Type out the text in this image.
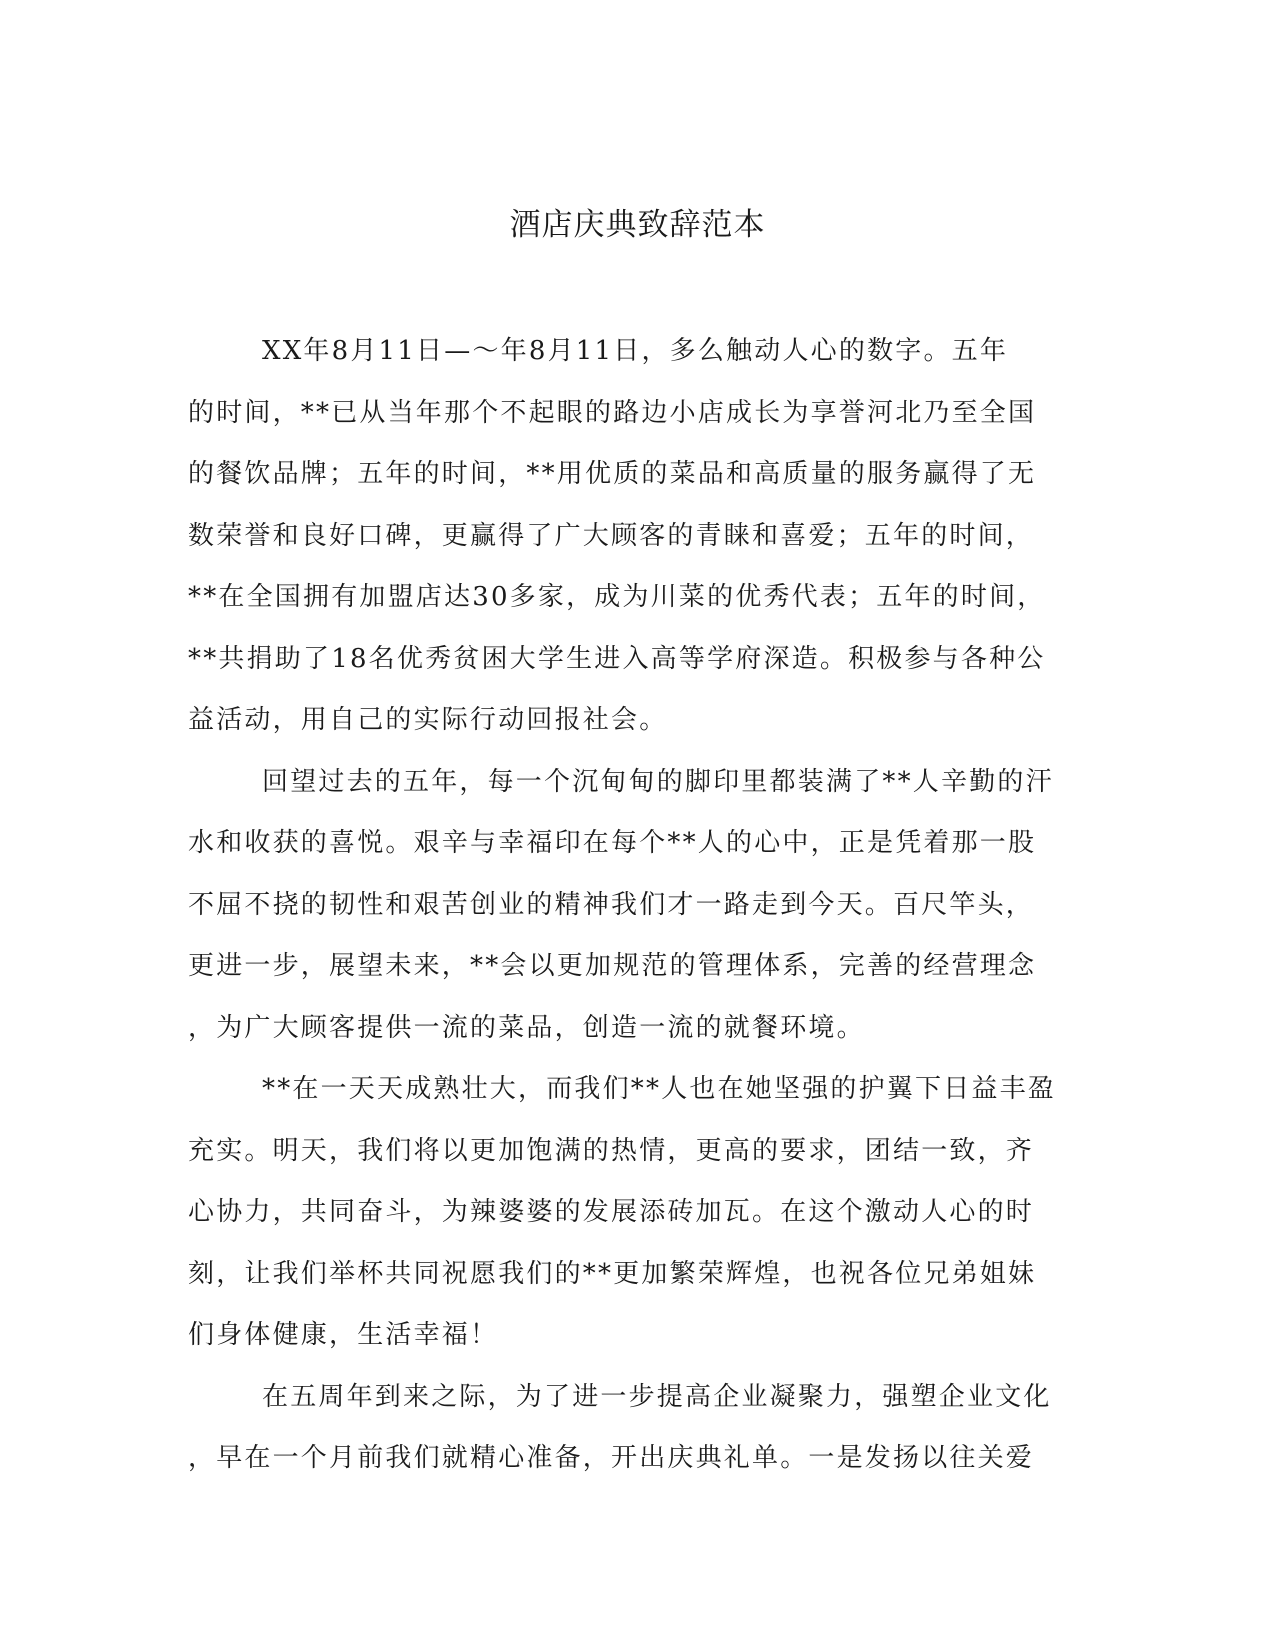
酒店庆典致辞范本
XX年8月11日—～年8月11日，多么触动人心的数字。五年
的时间，**已从当年那个不起眼的路边小店成长为享誉河北乃至全国
的餐饮品牌；五年的时间，**用优质的菜品和高质量的服务赢得了无
数荣誉和良好口碑，更赢得了广大顾客的青睐和喜爱；五年的时间，
**在全国拥有加盟店达30多家，成为川菜的优秀代表；五年的时间，
**共捐助了18名优秀贫困大学生进入高等学府深造。积极参与各种公
益活动，用自己的实际行动回报社会。
回望过去的五年，每一个沉甸甸的脚印里都装满了**人辛勤的汗
水和收获的喜悦。艰辛与幸福印在每个**人的心中，正是凭着那一股
不屈不挠的韧性和艰苦创业的精神我们才一路走到今天。百尺竿头，
更进一步，展望未来，**会以更加规范的管理体系，完善的经营理念
，为广大顾客提供一流的菜品，创造一流的就餐环境。
**在一天天成熟壮大，而我们**人也在她坚强的护翼下日益丰盈
充实。明天，我们将以更加饱满的热情，更高的要求，团结一致，齐
心协力，共同奋斗，为辣婆婆的发展添砖加瓦。在这个激动人心的时
刻，让我们举杯共同祝愿我们的**更加繁荣辉煌，也祝各位兄弟姐妹
们身体健康，生活幸福！
在五周年到来之际，为了进一步提高企业凝聚力，强塑企业文化
，早在一个月前我们就精心准备，开出庆典礼单。一是发扬以往关爱
